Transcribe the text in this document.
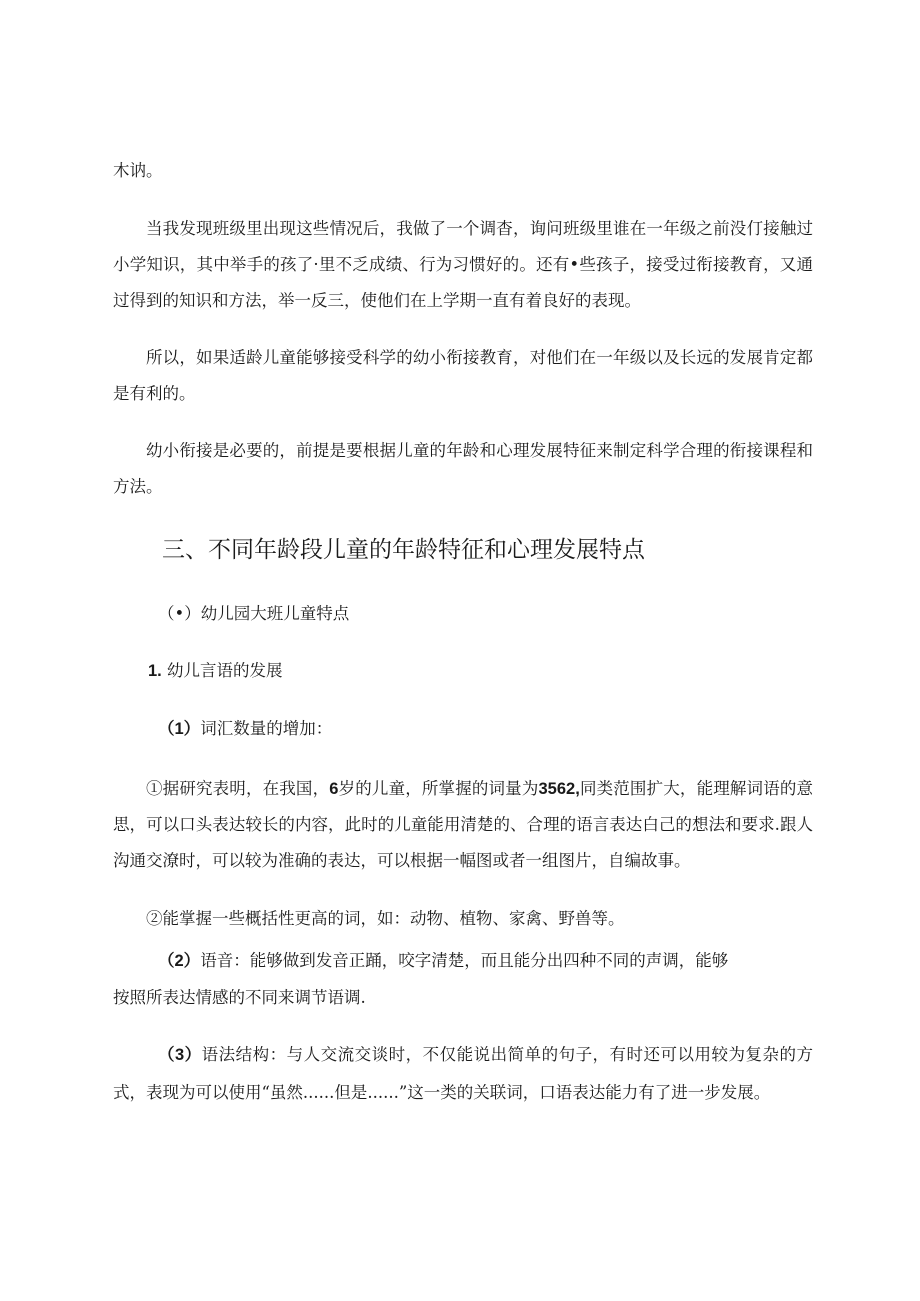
木讷。

当我发现班级里出现这些情况后，我做了一个调杳，询问班级里谁在一年级之前没仃接触过小学知识，其中举手的孩了·里不乏成绩、行为习惯好的。还有•些孩子，接受过衔接教育，又通过得到的知识和方法，举一反三，使他们在上学期一直有着良好的表现。

所以，如果适龄儿童能够接受科学的幼小衔接教育，对他们在一年级以及长远的发展肯定都是有利的。

幼小衔接是必要的，前提是要根据儿童的年龄和心理发展特征来制定科学合理的衔接课程和方法。

三、不同年龄段儿童的年龄特征和心理发展特点

（•）幼儿园大班儿童特点

1. 幼儿言语的发展

（1）词汇数量的增加：

①据研究表明，在我国，6岁的儿童，所掌握的词量为3562,同类范围扩大，能理解词语的意思，可以口头表达较长的内容，此时的儿童能用清楚的、合理的语言表达白己的想法和要求.跟人沟通交潦时，可以较为准确的表达，可以根据一幅图或者一组图片，自编故事。

②能掌握一些概括性更高的词，如：动物、植物、家禽、野兽等。

（2）语音：能够做到发音正踊，咬字清楚，而且能分出四种不同的声调，能够

按照所表达情感的不同来调节语调.

（3）语法结构：与人交流交谈时，不仅能说出简单的句子，有时还可以用较为复杂的方式，表现为可以使用“虽然......但是......”这一类的关联词，口语表达能力有了进一步发展。
